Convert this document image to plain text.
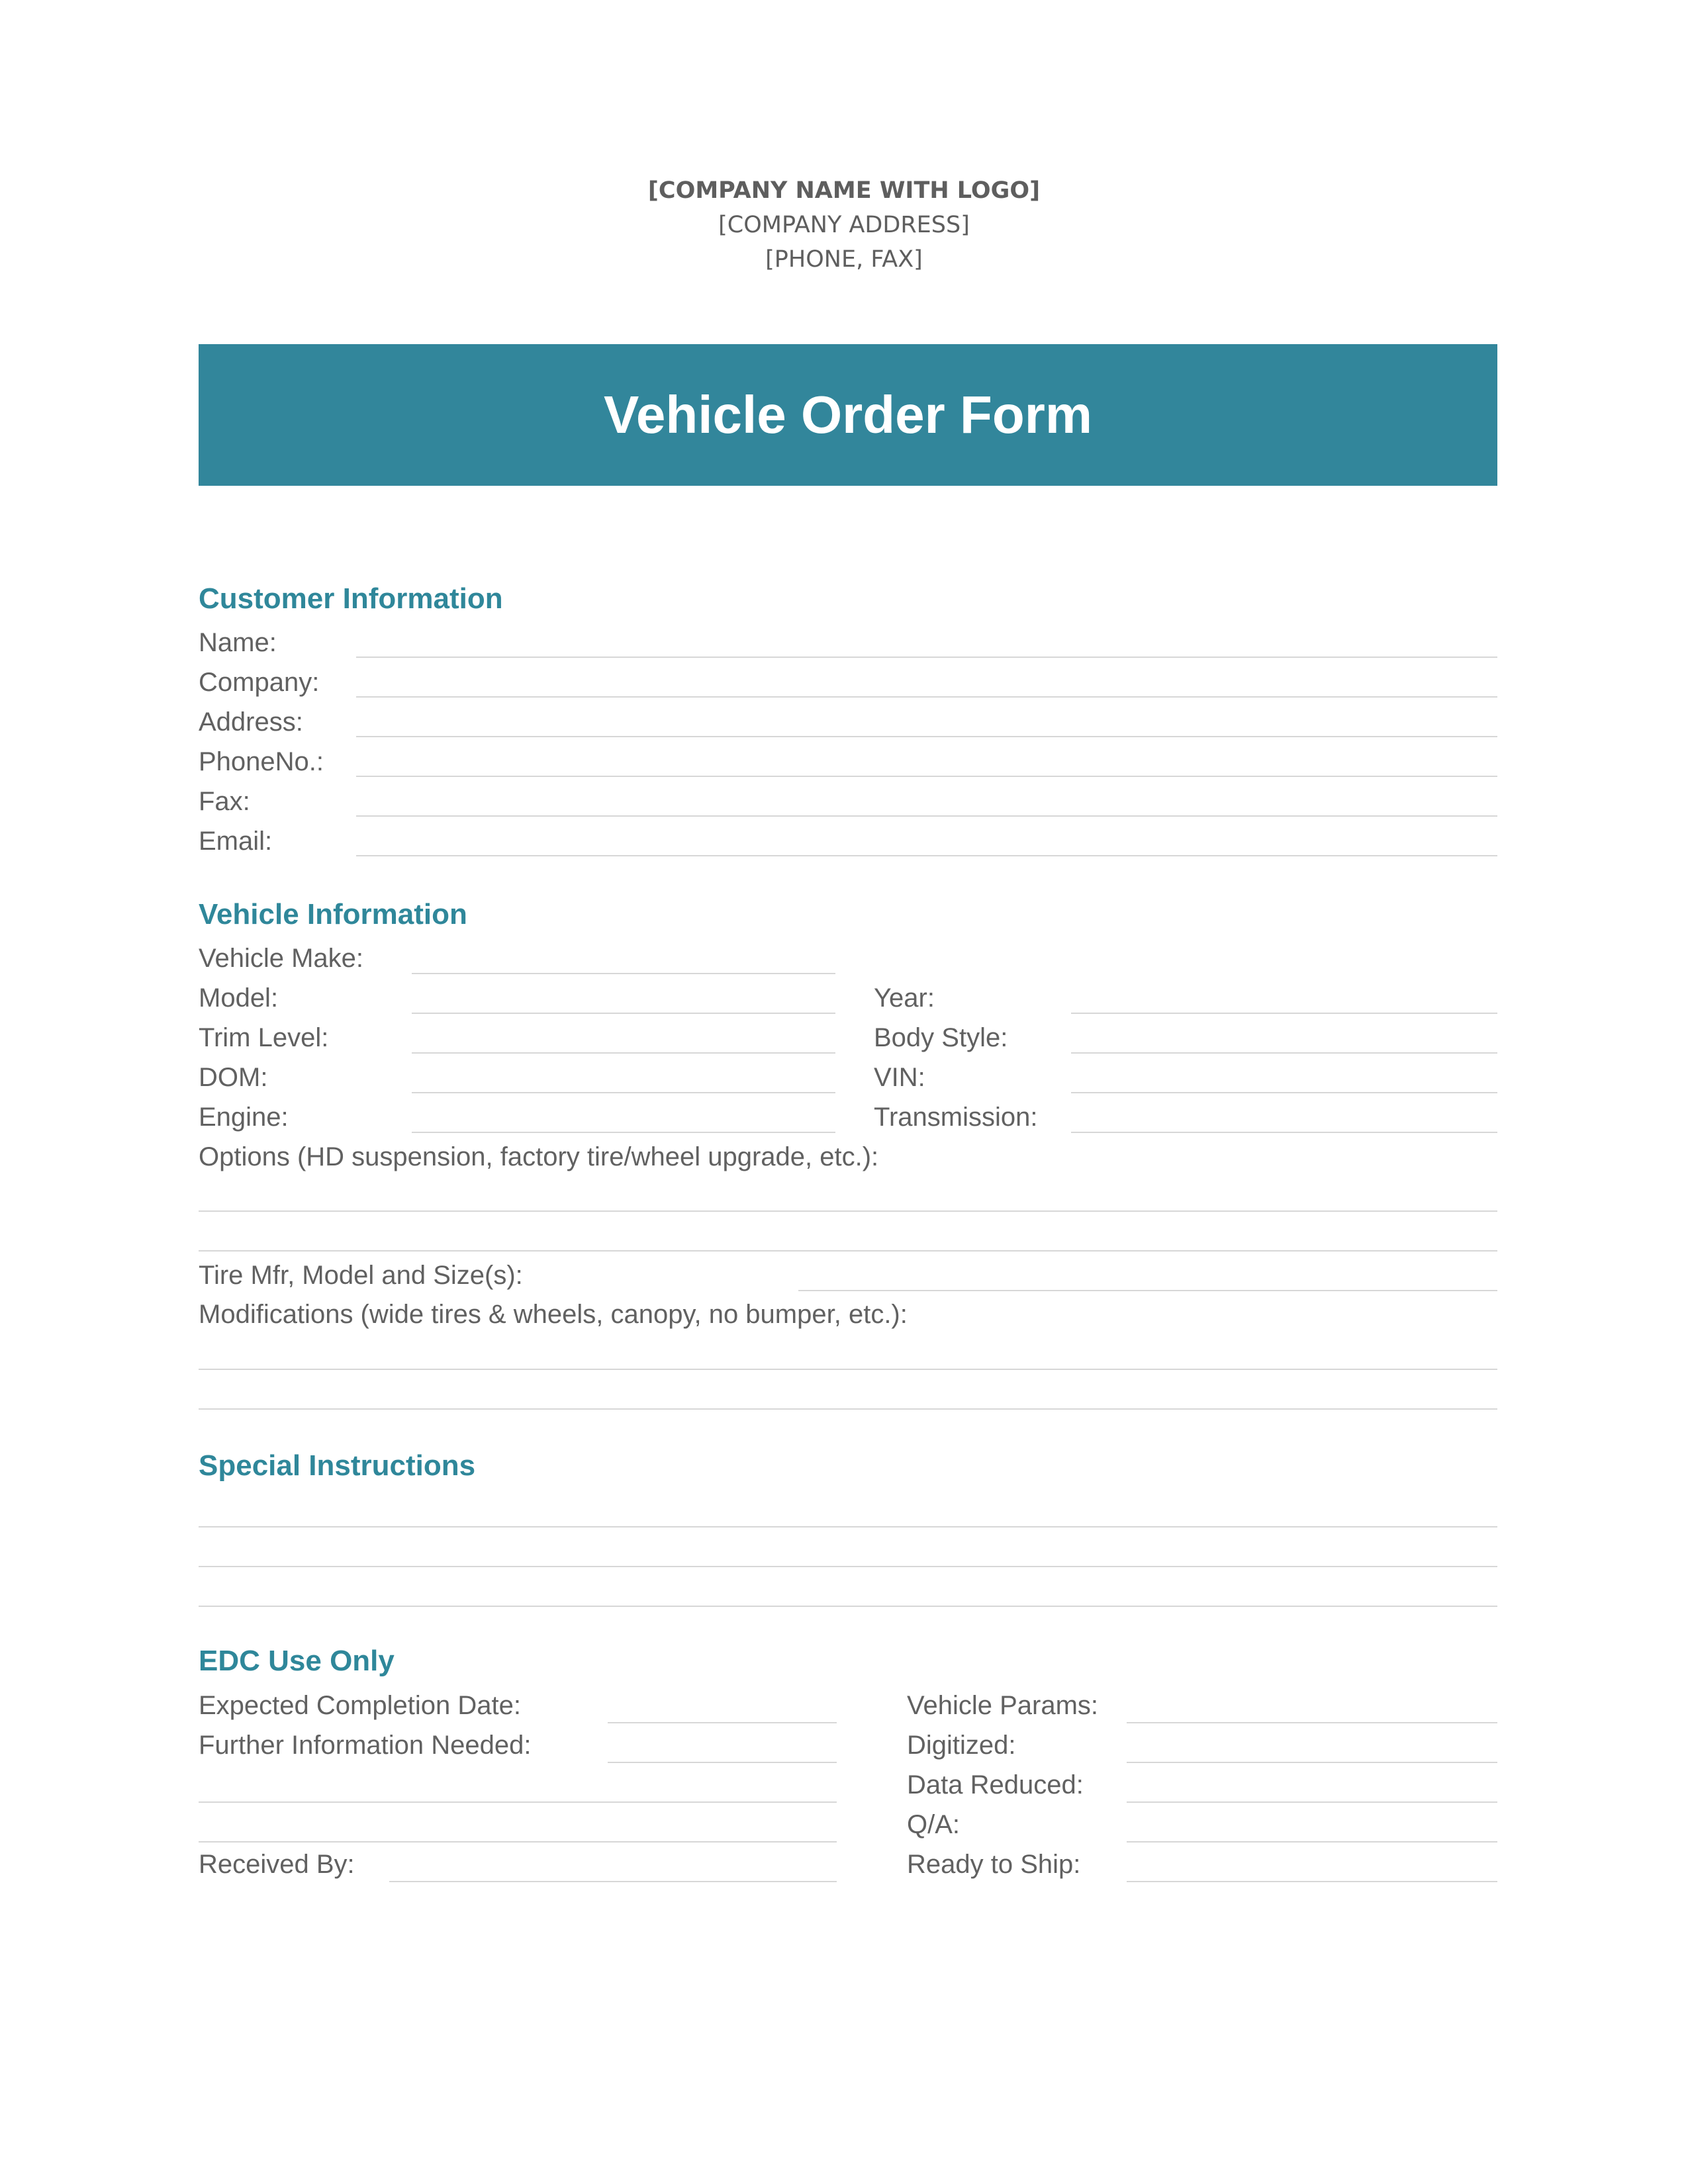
[COMPANY NAME WITH LOGO]
[COMPANY ADDRESS]
[PHONE, FAX]
Vehicle Order Form
Customer Information
Name:
Company:
Address:
PhoneNo.:
Fax:
Email:
Vehicle Information
Vehicle Make:
Model:	Year:
Trim Level:	Body Style:
DOM:	VIN:
Engine:	Transmission:
Options (HD suspension, factory tire/wheel upgrade, etc.):
Tire Mfr, Model and Size(s):
Modifications (wide tires & wheels, canopy, no bumper, etc.):
Special Instructions
EDC Use Only
Expected Completion Date:
Further Information Needed:
Received By:
Vehicle Params:
Digitized:
Data Reduced:
Q/A:
Ready to Ship:
